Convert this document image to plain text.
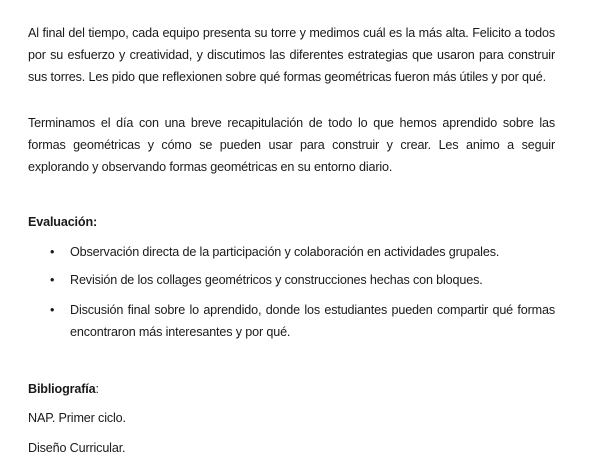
Al final del tiempo, cada equipo presenta su torre y medimos cuál es la más alta. Felicito a todos por su esfuerzo y creatividad, y discutimos las diferentes estrategias que usaron para construir sus torres. Les pido que reflexionen sobre qué formas geométricas fueron más útiles y por qué.
Terminamos el día con una breve recapitulación de todo lo que hemos aprendido sobre las formas geométricas y cómo se pueden usar para construir y crear. Les animo a seguir explorando y observando formas geométricas en su entorno diario.
Evaluación:
• Observación directa de la participación y colaboración en actividades grupales.
• Revisión de los collages geométricos y construcciones hechas con bloques.
• Discusión final sobre lo aprendido, donde los estudiantes pueden compartir qué formas encontraron más interesantes y por qué.
Bibliografía:
NAP. Primer ciclo.
Diseño Curricular.
